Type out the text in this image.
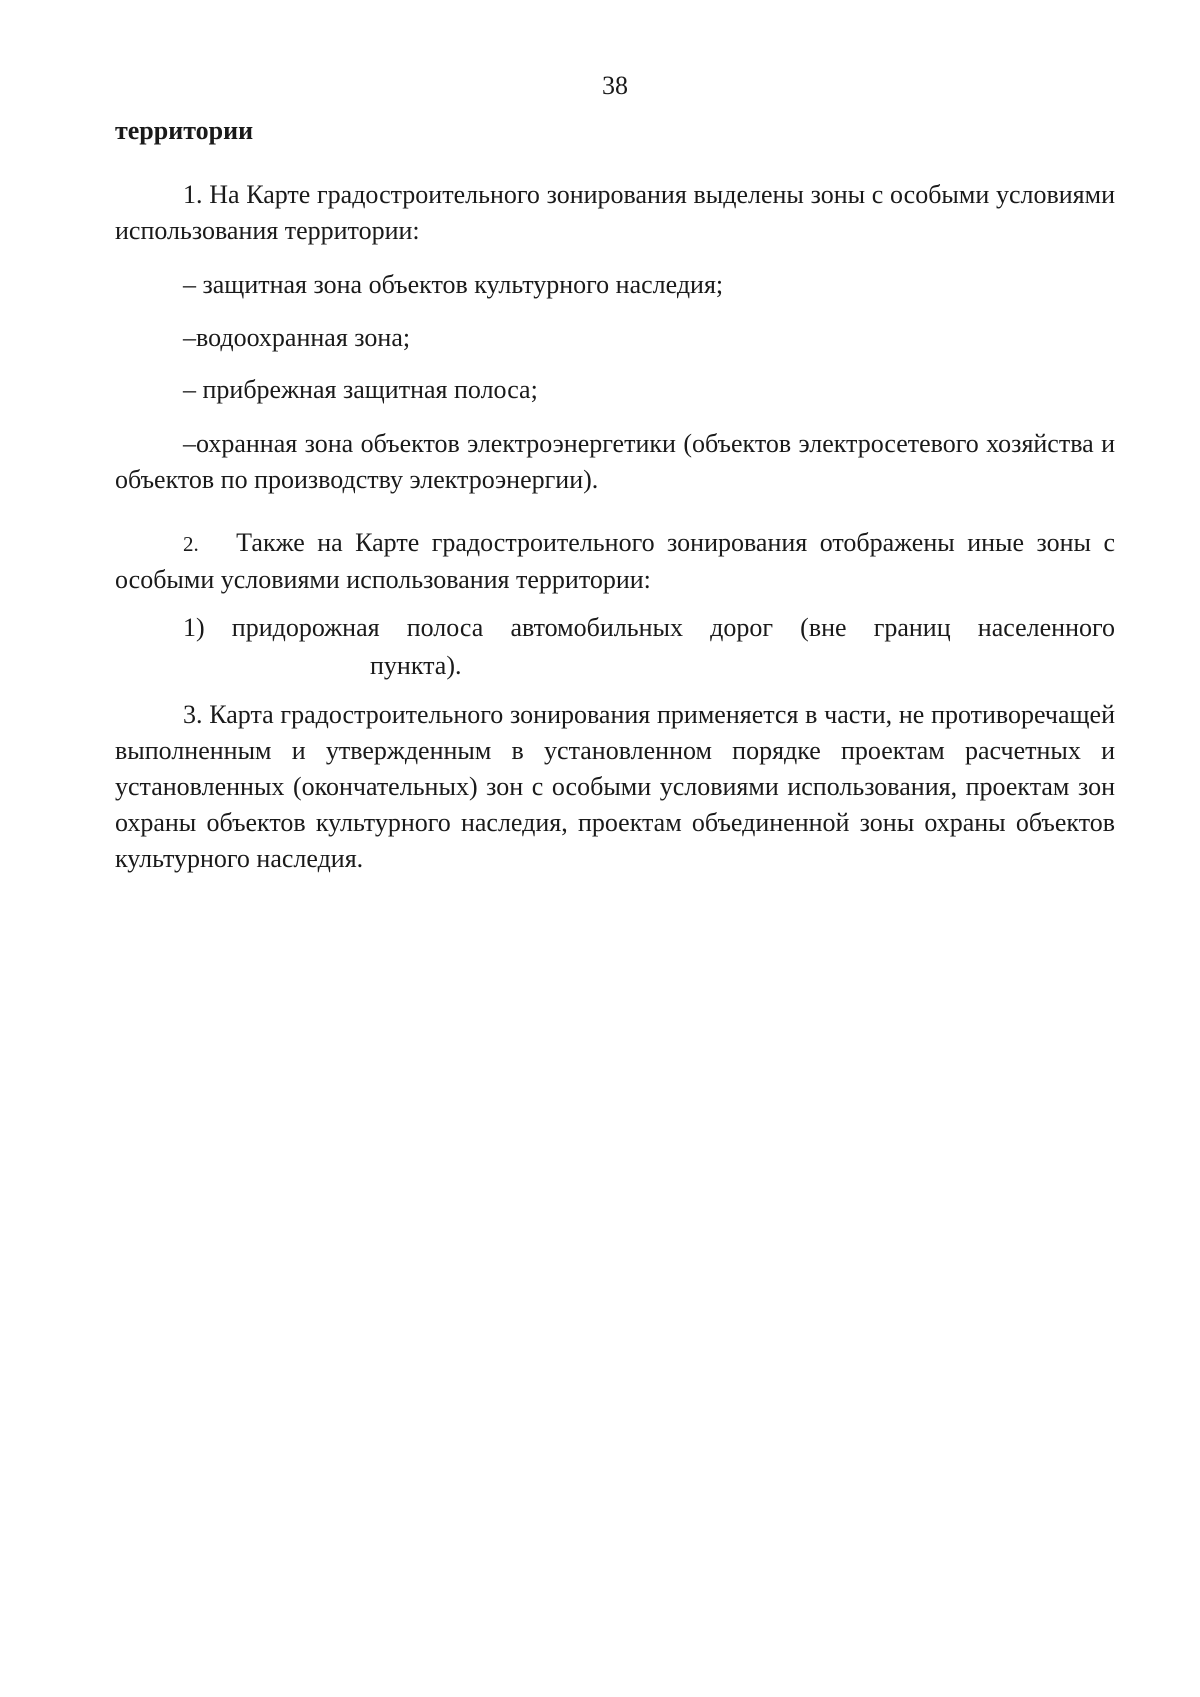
38
территории

1. На Карте градостроительного зонирования выделены зоны с особыми условиями использования территории:

– защитная зона объектов культурного наследия;

–водоохранная зона;

– прибрежная защитная полоса;

–охранная зона объектов электроэнергетики (объектов электросетевого хозяйства и объектов по производству электроэнергии).

2. Также на Карте градостроительного зонирования отображены иные зоны с особыми условиями использования территории:

1) придорожная полоса автомобильных дорог (вне границ населенного

пункта).

3. Карта градостроительного зонирования применяется в части, не противоречащей выполненным и утвержденным в установленном порядке проектам расчетных и установленных (окончательных) зон с особыми условиями использования, проектам зон охраны объектов культурного наследия, проектам объединенной зоны охраны объектов культурного наследия.
